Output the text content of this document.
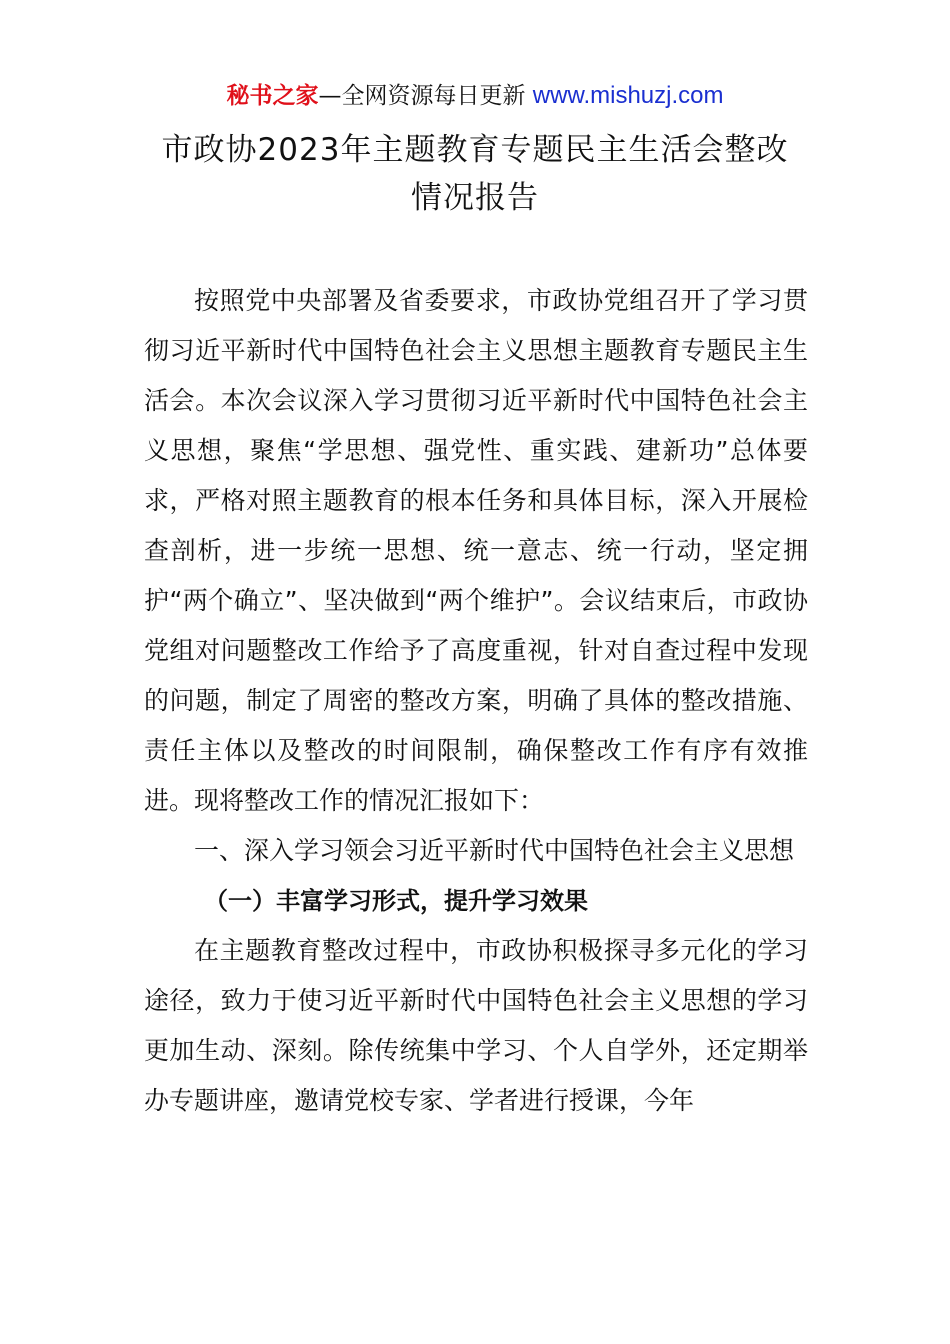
秘书之家—全网资源每日更新 www.mishuzj.com
市政协2023年主题教育专题民主生活会整改
情况报告

按照党中央部署及省委要求，市政协党组召开了学习贯彻习近平新时代中国特色社会主义思想主题教育专题民主生活会。本次会议深入学习贯彻习近平新时代中国特色社会主义思想，聚焦“学思想、强党性、重实践、建新功”总体要求，严格对照主题教育的根本任务和具体目标，深入开展检查剖析，进一步统一思想、统一意志、统一行动，坚定拥护“两个确立”、坚决做到“两个维护”。会议结束后，市政协党组对问题整改工作给予了高度重视，针对自查过程中发现的问题，制定了周密的整改方案，明确了具体的整改措施、责任主体以及整改的时间限制，确保整改工作有序有效推进。现将整改工作的情况汇报如下：

一、深入学习领会习近平新时代中国特色社会主义思想

（一）丰富学习形式，提升学习效果

在主题教育整改过程中，市政协积极探寻多元化的学习途径，致力于使习近平新时代中国特色社会主义思想的学习更加生动、深刻。除传统集中学习、个人自学外，还定期举办专题讲座，邀请党校专家、学者进行授课，今年
